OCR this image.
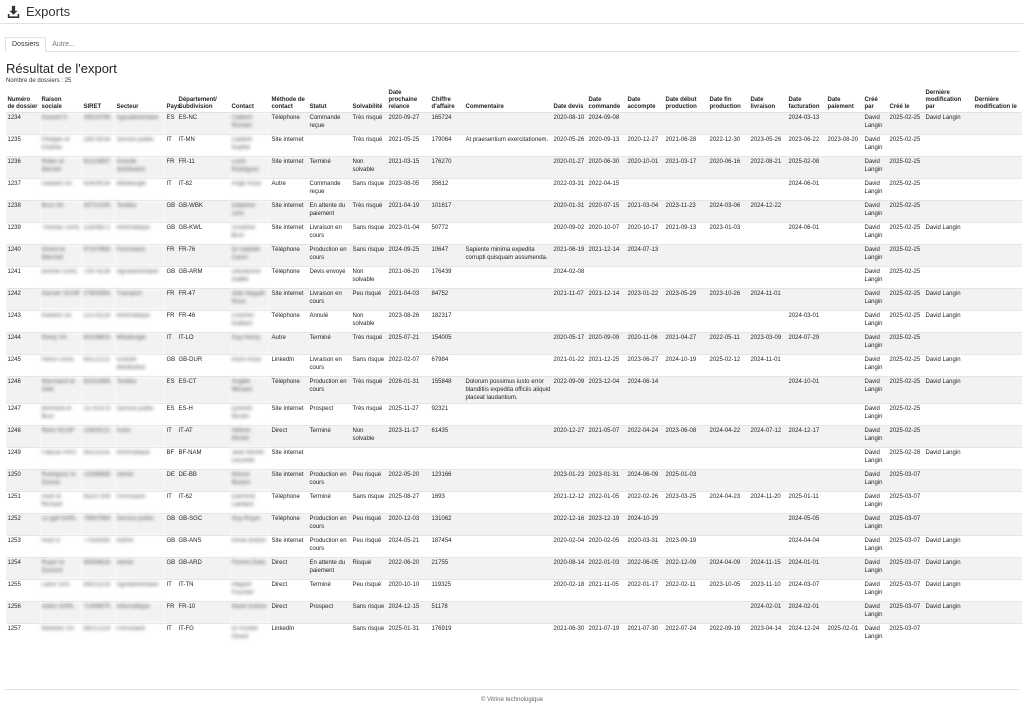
Exports
Dossiers	Autre...
Résultat de l'export
Nombre de dossiers : 25
Numéro de dossier	Raison sociale	SIRET	Secteur	Pays	Département/ Subdivision	Contact	Méthode de contact	Statut	Solvabilité	Date prochaine relance	Chiffre d'affaire	Commentaire	Date devis	Date commande	Date accompte	Date début production	Date fin production	Date livraison	Date facturation	Date paiement	Créé par	Créé le	Dernière modification par	Dernière modification le
1234	Durand S.	34516789	Agroalimentaire	ES	ES-NC	Caillard Romain	Téléphone	Commande reçue	Très risqué	2020-09-27	165724		2020-08-10	2024-09-08					2024-03-13		David Langin	2025-02-25	David Langin	
1235	Philippe et Charles	28978034	Service public	IT	IT-MN	Caillard Sophie	Site internet		Très risqué	2021-05-25	179064	At praesentium exercitationem.	2020-05-26	2020-09-13	2020-12-27	2021-06-28	2022-12-30	2023-05-26	2023-06-22	2023-08-20	David Langin	2025-02-25		
1236	Robin et Mercier	81223897	Grande distribution	FR	FR-11	Lucie Rodriguez	Site internet	Terminé	Non solvable	2021-03-15	176270		2020-01-27	2020-06-30	2020-10-01	2021-03-17	2020-06-16	2022-08-21	2025-02-08		David Langin	2025-02-25		
1237	Gaillard SA	93409034	Métallurgie	IT	IT-82	Ange Roux	Autre	Commande reçue	Sans risque	2023-08-05	35612		2022-03-31	2022-04-15					2024-06-01		David Langin	2025-02-25		
1238	Brun SA	30721035	Textiles	GB	GB-WBK	Delphine Lenc	Site internet	En attente du paiement	Très risqué	2021-04-19	101617		2020-01-31	2020-07-15	2021-03-04	2023-11-23	2024-03-06	2024-12-22			David Langin	2025-02-25		
1239	Thomas SARL	51808872	Informatique	GB	GB-KWL	Susanne Brun	Site internet	Livraison en cours	Sans risque	2023-01-04	50772		2020-09-02	2020-10-07	2020-10-17	2021-09-13	2023-01-03		2024-06-01		David Langin	2025-02-25	David Langin	
1240	Girard et Marchal	97107884	Ferroviaire	FR	FR-76	Dr Isabelle Caron	Téléphone	Production en cours	Sans risque	2024-09-25	10647	Sapiente minima expedita corrupti quisquam assumenda.	2021-06-19	2021-12-14	2024-07-13						David Langin	2025-02-25		
1241	Bonnet SARL	70974239	Agroalimentaire	GB	GB-ARM	Dieudonné Gaillet	Téléphone	Devis envoyé	Non solvable	2021-06-20	176439		2024-02-08								David Langin	2025-02-25		
1242	Garnier SCOP	27800584	Transport	FR	FR-47	Aide Abigaël Roux	Site internet	Livraison en cours	Peu risqué	2021-04-03	84752		2021-11-07	2021-12-14	2023-01-22	2023-05-29	2023-10-26	2024-11-01			David Langin	2025-02-25	David Langin	
1243	Rolland SA	51378128	Informatique	FR	FR-46	Corentin Gaillard	Téléphone	Annulé	Non solvable	2023-08-26	182317								2024-03-01		David Langin	2025-02-25	David Langin	
1244	Remy SA	84108803	Métallurgie	IT	IT-LO	Guy Henry	Autre	Terminé	Très risqué	2025-07-21	154005		2020-05-17	2020-09-09	2020-11-06	2021-04-27	2022-05-11	2023-03-09	2024-07-29		David Langin	2025-02-25		
1245	Pierre SARL	89122221	Grande distribution	GB	GB-DUR	Roch Roux	LinkedIn	Livraison en cours	Sans risque	2022-02-07	67984		2021-01-22	2021-12-25	2023-06-27	2024-10-19	2025-02-12	2024-11-01			David Langin	2025-02-25	David Langin	
1246	Marchand et Gilet	82341889	Textiles	ES	ES-CT	Angèle Menard	Téléphone	Production en cours	Très risqué	2026-01-31	155848	Dolorum possimus iusto error blanditiis expedita officiis aliquid placeat laudantium.	2022-09-09	2023-12-04	2024-06-14				2024-10-01		David Langin	2025-02-25	David Langin	
1247	Bertrand et Brun	15741978	Service public	ES	ES-H	Quentin Moulin	Site internet	Prospect	Très risqué	2025-11-27	92321										David Langin	2025-02-25		
1248	Remi SCOP	22804121	Autre	IT	IT-AT	Hélène Michel	Direct	Terminé	Non solvable	2023-11-17	61435		2020-12-27	2021-05-07	2022-04-24	2023-06-08	2024-04-22	2024-07-12	2024-12-17		David Langin	2025-02-25		
1249	Fabuse PRO	95515155	Informatique	BF	BF-NAM	Jean-Michel Lecomte	Site internet														David Langin	2025-02-28	David Langin	
1250	Rodriguez et Dumas	13289888	Admin	DE	DE-BB	Marcel Boulon	Site internet	Production en cours	Peu risqué	2022-05-20	123166		2023-01-23	2023-01-31	2024-06-09	2025-01-03					David Langin	2025-03-07		
1251	Huet et Richard	68197308	Ferroviaire	IT	IT-62	Etiennne Lambert	Téléphone	Terminé	Sans risque	2025-08-27	1693		2021-12-12	2022-01-05	2022-02-26	2023-03-25	2024-04-23	2024-11-20	2025-01-11		David Langin	2025-03-07		
1252	Le gall SARL	76667989	Service public	GB	GB-SGC	Guy Royer	Téléphone	Production en cours	Peu risqué	2020-12-03	131062		2022-12-16	2023-12-19	2024-10-29				2024-05-05		David Langin	2025-03-07		
1253	Huet D	77930080	Admin	GB	GB-ANS	Annie Breton	Site internet	Production en cours	Peu risqué	2024-05-21	187454		2020-02-04	2020-02-05	2020-03-31	2023-09-19			2024-04-04		David Langin	2025-03-07	David Langin	
1254	Royer et Dumont	95908816	Admin	GB	GB-ARD	Florent Dollo	Direct	En attente du paiement	Risqué	2022-06-20	21755		2020-08-14	2022-01-03	2022-06-05	2022-12-09	2024-04-09	2024-11-15	2024-01-01		David Langin	2025-03-07	David Langin	
1255	Laine SAS	84913218	Agroalimentaire	IT	IT-TN	Hégard Fournier	Direct	Terminé	Peu risqué	2020-10-10	119325		2020-02-18	2021-11-05	2022-01-17	2022-02-11	2023-10-05	2023-11-10	2024-03-07		David Langin	2025-03-07	David Langin	
1256	Julien SARL	71408875	Informatique	FR	FR-10	Marie Dubois	Direct	Prospect	Sans risque	2024-12-15	51178							2024-02-01	2024-02-01		David Langin	2025-03-07	David Langin	
1257	Martinez SA	88012154	Ferroviaire	IT	IT-FG	Dr Aurélie Girard	LinkedIn		Sans risque	2025-01-31	176919		2021-06-30	2021-07-19	2021-07-30	2022-07-24	2022-09-19	2023-04-14	2024-12-24	2025-02-01	David Langin	2025-03-07		
© Vitrine technologique
